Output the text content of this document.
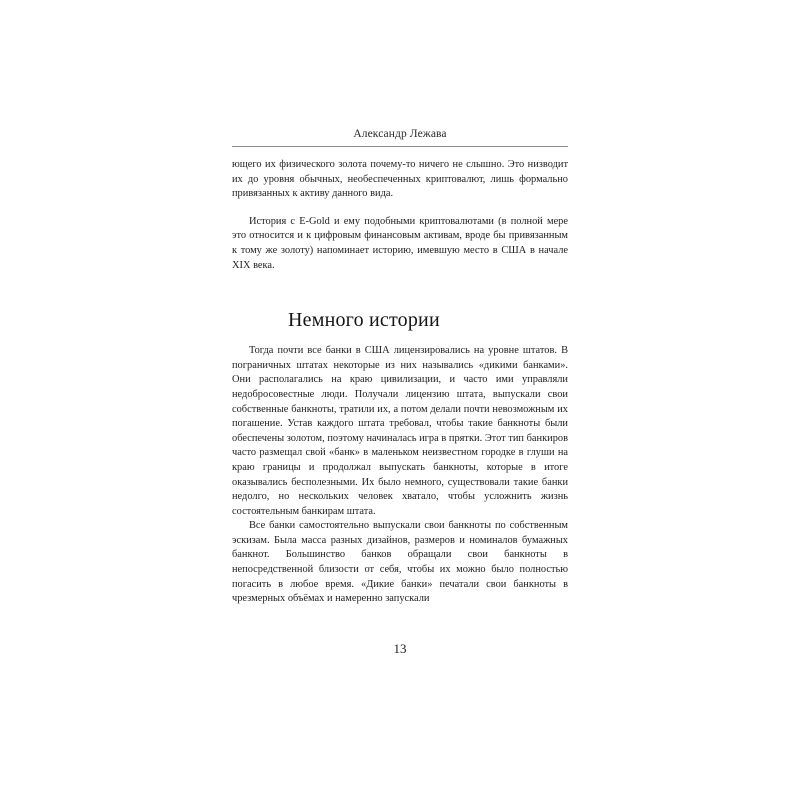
Александр Лежава

ющего их физического золота почему-то ничего не слышно. Это низводит их до уровня обычных, необеспеченных криптовалют, лишь формально привязанных к активу данного вида.

История с E-Gold и ему подобными криптовалютами (в полной мере это относится и к цифровым финансовым активам, вроде бы привязанным к тому же золоту) напоминает историю, имевшую место в США в начале XIX века.

Немного истории

Тогда почти все банки в США лицензировались на уровне штатов. В пограничных штатах некоторые из них назывались «дикими банками». Они располагались на краю цивилизации, и часто ими управляли недобросовестные люди. Получали лицензию штата, выпускали свои собственные банкноты, тратили их, а потом делали почти невозможным их погашение. Устав каждого штата требовал, чтобы такие банкноты были обеспечены золотом, поэтому начиналась игра в прятки. Этот тип банкиров часто размещал свой «банк» в маленьком неизвестном городке в глуши на краю границы и продолжал выпускать банкноты, которые в итоге оказывались бесполезными. Их было немного, существовали такие банки недолго, но нескольких человек хватало, чтобы усложнить жизнь состоятельным банкирам штата.

Все банки самостоятельно выпускали свои банкноты по собственным эскизам. Была масса разных дизайнов, размеров и номиналов бумажных банкнот. Большинство банков обращали свои банкноты в непосредственной близости от себя, чтобы их можно было полностью погасить в любое время. «Дикие банки» печатали свои банкноты в чрезмерных объёмах и намеренно запускали

13
